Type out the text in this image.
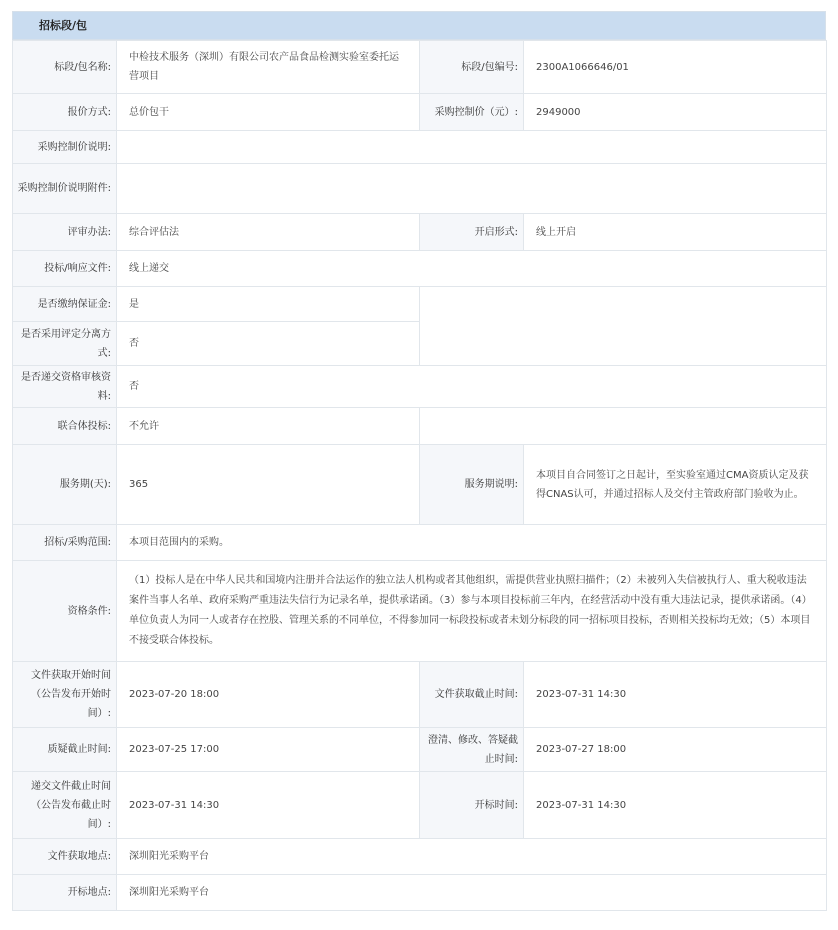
招标段/包
标段/包名称:	中检技术服务（深圳）有限公司农产品食品检测实验室委托运营项目	标段/包编号:	2300A1066646/01
报价方式:	总价包干	采购控制价（元）:	2949000
采购控制价说明:			
采购控制价说明附件:			
评审办法:	综合评估法	开启形式:	线上开启
投标/响应文件:	线上递交		
是否缴纳保证金:	是		
是否采用评定分离方式:	否		
是否递交资格审核资料:	否		
联合体投标:	不允许		
服务期(天):	365	服务期说明:	本项目自合同签订之日起计，至实验室通过CMA资质认定及获得CNAS认可，并通过招标人及交付主管政府部门验收为止。
招标/采购范围:	本项目范围内的采购。		
资格条件:	（1）投标人是在中华人民共和国境内注册并合法运作的独立法人机构或者其他组织，需提供营业执照扫描件；（2）未被列入失信被执行人、重大税收违法案件当事人名单、政府采购严重违法失信行为记录名单，提供承诺函。（3）参与本项目投标前三年内，在经营活动中没有重大违法记录，提供承诺函。（4）单位负责人为同一人或者存在控股、管理关系的不同单位，不得参加同一标段投标或者未划分标段的同一招标项目投标，否则相关投标均无效；（5）本项目不接受联合体投标。		
文件获取开始时间（公告发布开始时间）:	2023-07-20 18:00	文件获取截止时间:	2023-07-31 14:30
质疑截止时间:	2023-07-25 17:00	澄清、修改、答疑截止时间:	2023-07-27 18:00
递交文件截止时间（公告发布截止时间）:	2023-07-31 14:30	开标时间:	2023-07-31 14:30
文件获取地点:	深圳阳光采购平台		
开标地点:	深圳阳光采购平台		
